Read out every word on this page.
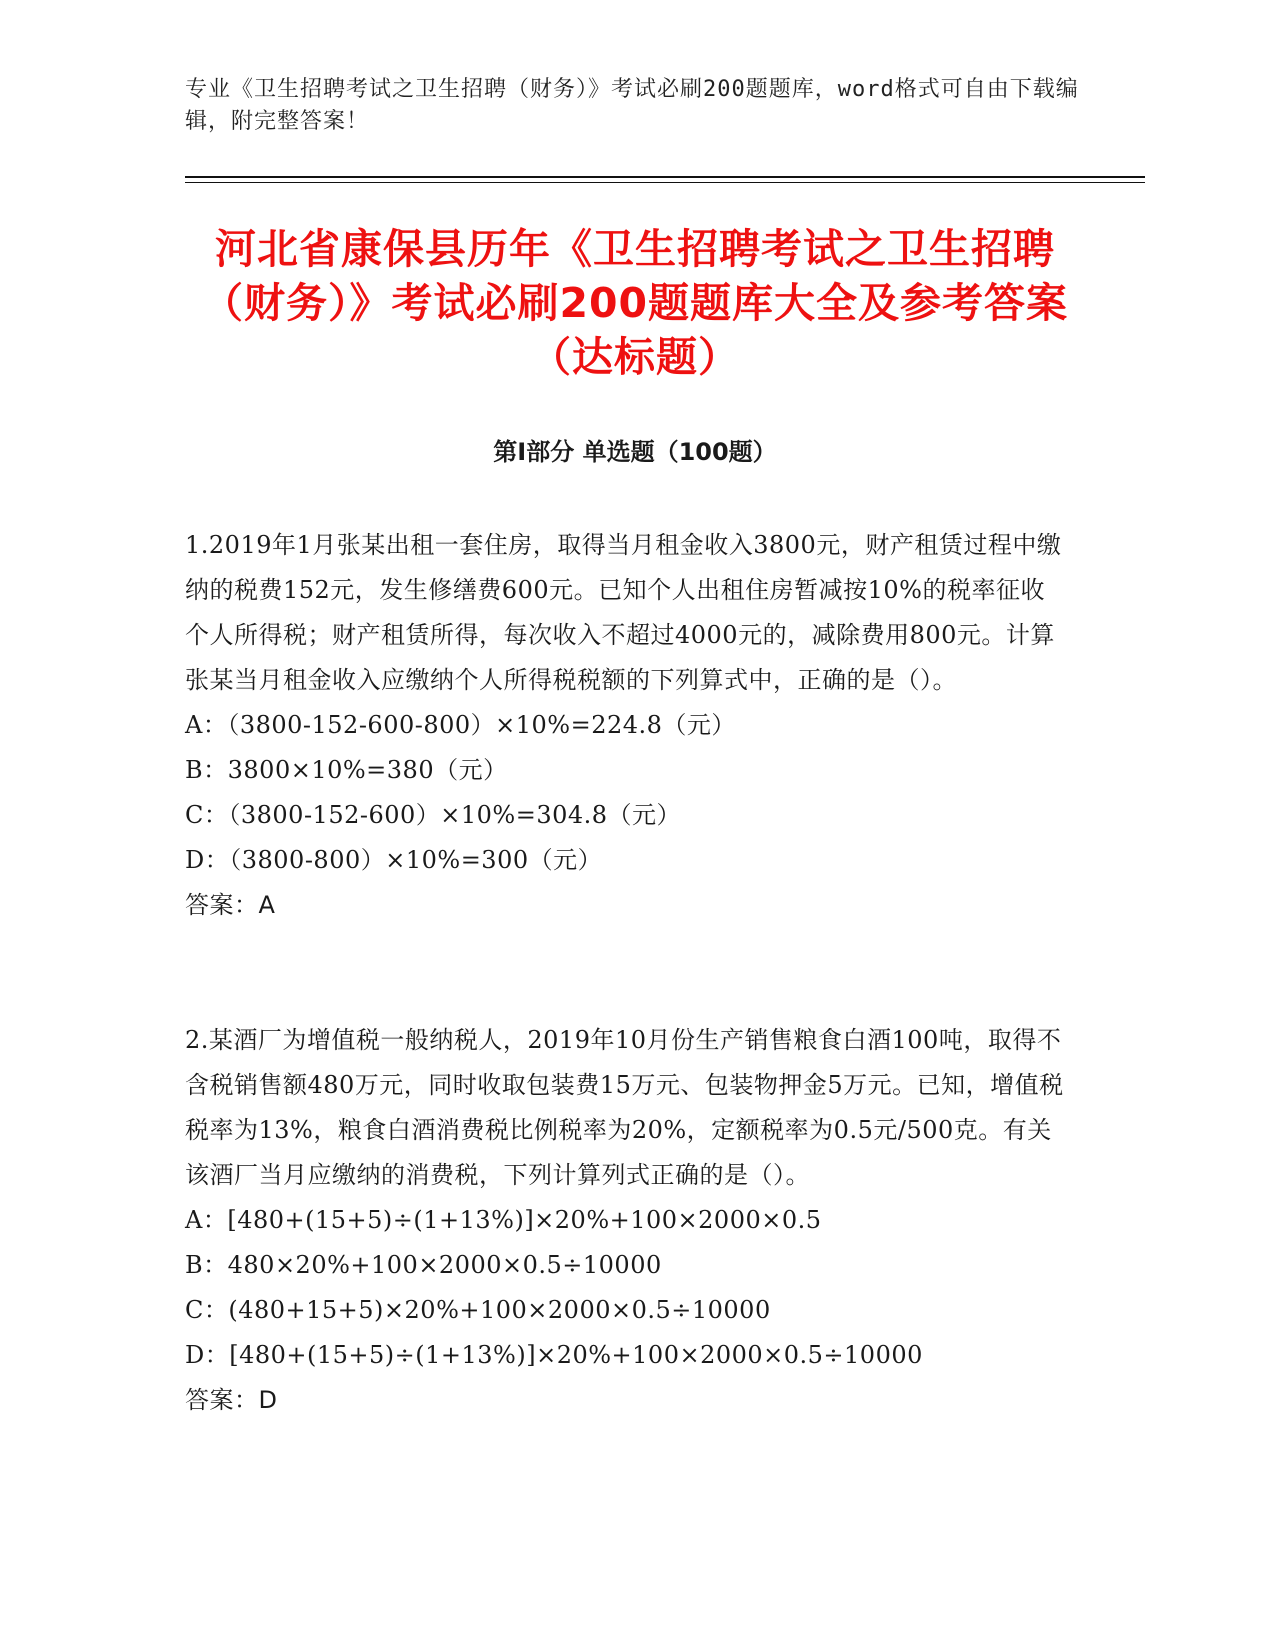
专业《卫生招聘考试之卫生招聘（财务）》考试必刷200题题库，word格式可自由下载编辑，附完整答案！
河北省康保县历年《卫生招聘考试之卫生招聘（财务）》考试必刷200题题库大全及参考答案（达标题）
第Ⅰ部分 单选题（100题）

1.2019年1月张某出租一套住房，取得当月租金收入3800元，财产租赁过程中缴纳的税费152元，发生修缮费600元。已知个人出租住房暂减按10%的税率征收个人所得税；财产租赁所得，每次收入不超过4000元的，减除费用800元。计算张某当月租金收入应缴纳个人所得税税额的下列算式中，正确的是（）。

A：（3800-152-600-800）×10%=224.8（元）

B：3800×10%=380（元）

C：（3800-152-600）×10%=304.8（元）

D：（3800-800）×10%=300（元）

答案：A

2.某酒厂为增值税一般纳税人，2019年10月份生产销售粮食白酒100吨，取得不含税销售额480万元，同时收取包装费15万元、包装物押金5万元。已知，增值税税率为13%，粮食白酒消费税比例税率为20%，定额税率为0.5元/500克。有关该酒厂当月应缴纳的消费税，下列计算列式正确的是（）。

A：[480+(15+5)÷(1+13%)]×20%+100×2000×0.5

B：480×20%+100×2000×0.5÷10000

C：(480+15+5)×20%+100×2000×0.5÷10000

D：[480+(15+5)÷(1+13%)]×20%+100×2000×0.5÷10000

答案：D
